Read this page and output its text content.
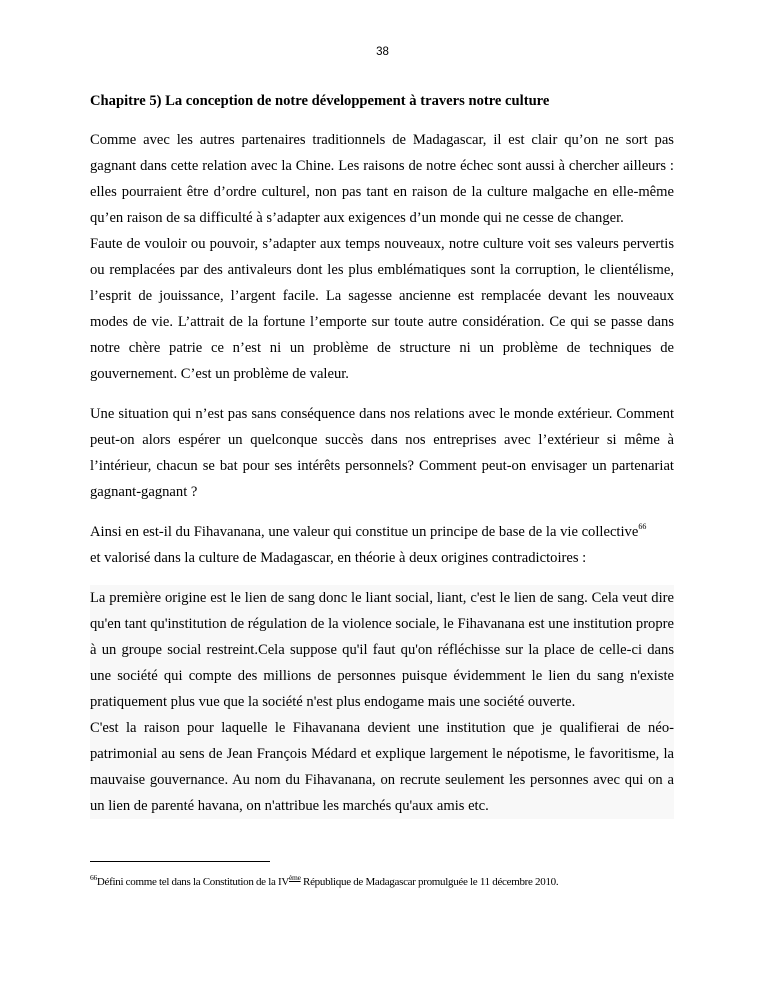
38
Chapitre 5) La conception de notre développement à travers notre culture

Comme avec les autres partenaires traditionnels de Madagascar, il est clair qu’on ne sort pas gagnant dans cette relation avec la Chine. Les raisons de notre échec sont aussi à chercher ailleurs : elles pourraient être d’ordre culturel, non pas tant en raison de la culture malgache en elle-même qu’en raison de sa difficulté à s’adapter aux exigences d’un monde qui ne cesse de changer.

Faute de vouloir ou pouvoir, s’adapter aux temps nouveaux, notre culture voit ses valeurs pervertis ou remplacées par des antivaleurs dont les plus emblématiques sont la corruption, le clientélisme, l’esprit de jouissance, l’argent facile. La sagesse ancienne est remplacée devant les nouveaux modes de vie. L’attrait de la fortune l’emporte sur toute autre considération. Ce qui se passe dans notre chère patrie ce n’est ni un problème de structure ni un problème de techniques de gouvernement. C’est un problème de valeur.

Une situation qui n’est pas sans conséquence dans nos relations avec le monde extérieur. Comment peut-on alors espérer un quelconque succès dans nos entreprises avec l’extérieur si même à l’intérieur, chacun se bat pour ses intérêts personnels? Comment peut-on envisager un partenariat gagnant-gagnant ?

Ainsi en est-il du Fihavanana, une valeur qui constitue un principe de base de la vie collective$^{66}$
et valorisé dans la culture de Madagascar, en théorie à deux origines contradictoires :

La première origine est le lien de sang donc le liant social, liant, c'est le lien de sang. Cela veut dire qu'en tant qu'institution de régulation de la violence sociale, le Fihavanana est une institution propre à un groupe social restreint.Cela suppose qu'il faut qu'on réfléchisse sur la place de celle-ci dans une société qui compte des millions de personnes puisque évidemment le lien du sang n'existe pratiquement plus vue que la société n'est plus endogame mais une société ouverte.

C'est la raison pour laquelle le Fihavanana devient une institution que je qualifierai de néo-patrimonial au sens de Jean François Médard et explique largement le népotisme, le favoritisme, la mauvaise gouvernance. Au nom du Fihavanana, on recrute seulement les personnes avec qui on a un lien de parenté havana, on n'attribue les marchés qu'aux amis etc.

$^{66}$Défini comme tel dans la Constitution de la IVème République de Madagascar promulguée le 11 décembre 2010.
